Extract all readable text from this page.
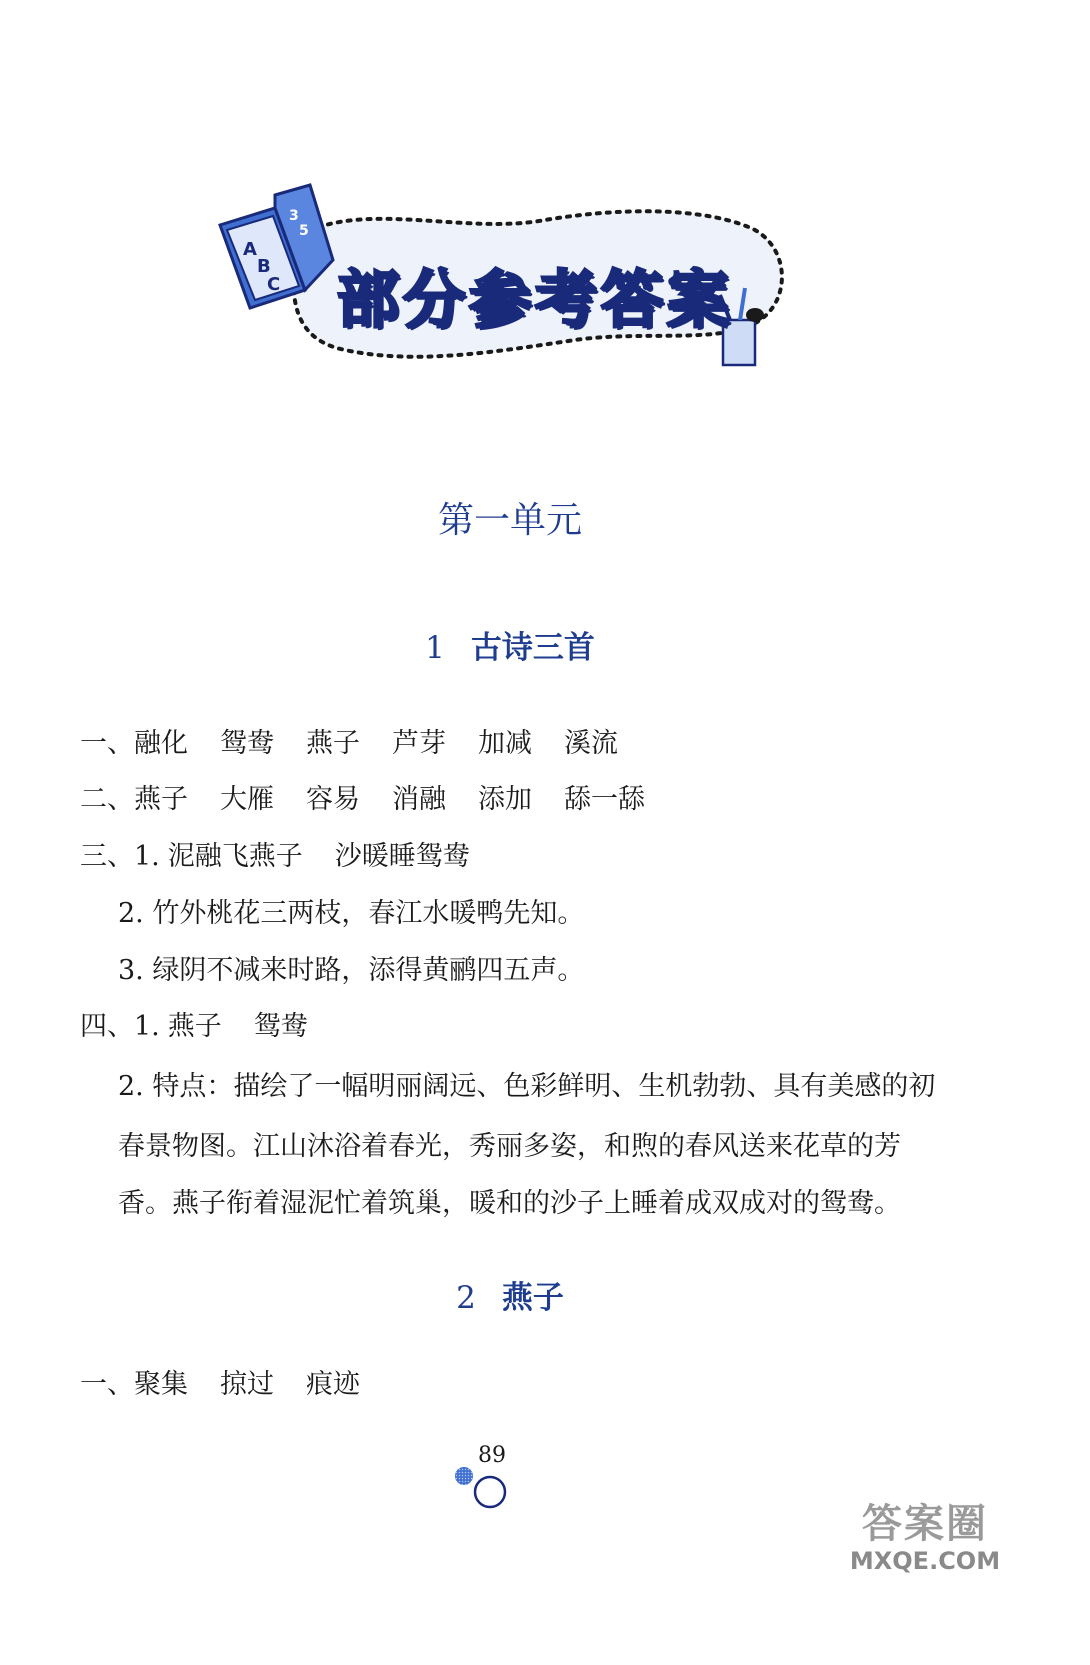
A
B
C
3
5
部分参考答案
第一单元
1 古诗三首
一、融化 鸳鸯 燕子 芦芽 加减 溪流
二、燕子 大雁 容易 消融 添加 舔一舔
三、1. 泥融飞燕子 沙暖睡鸳鸯
2. 竹外桃花三两枝，春江水暖鸭先知。
3. 绿阴不减来时路，添得黄鹂四五声。
四、1. 燕子 鸳鸯
2. 特点：描绘了一幅明丽阔远、色彩鲜明、生机勃勃、具有美感的初
春景物图。江山沐浴着春光，秀丽多姿，和煦的春风送来花草的芳
香。燕子衔着湿泥忙着筑巢，暖和的沙子上睡着成双成对的鸳鸯。
2 燕子
一、聚集 掠过 痕迹
89
答案圈
MXQE.COM
